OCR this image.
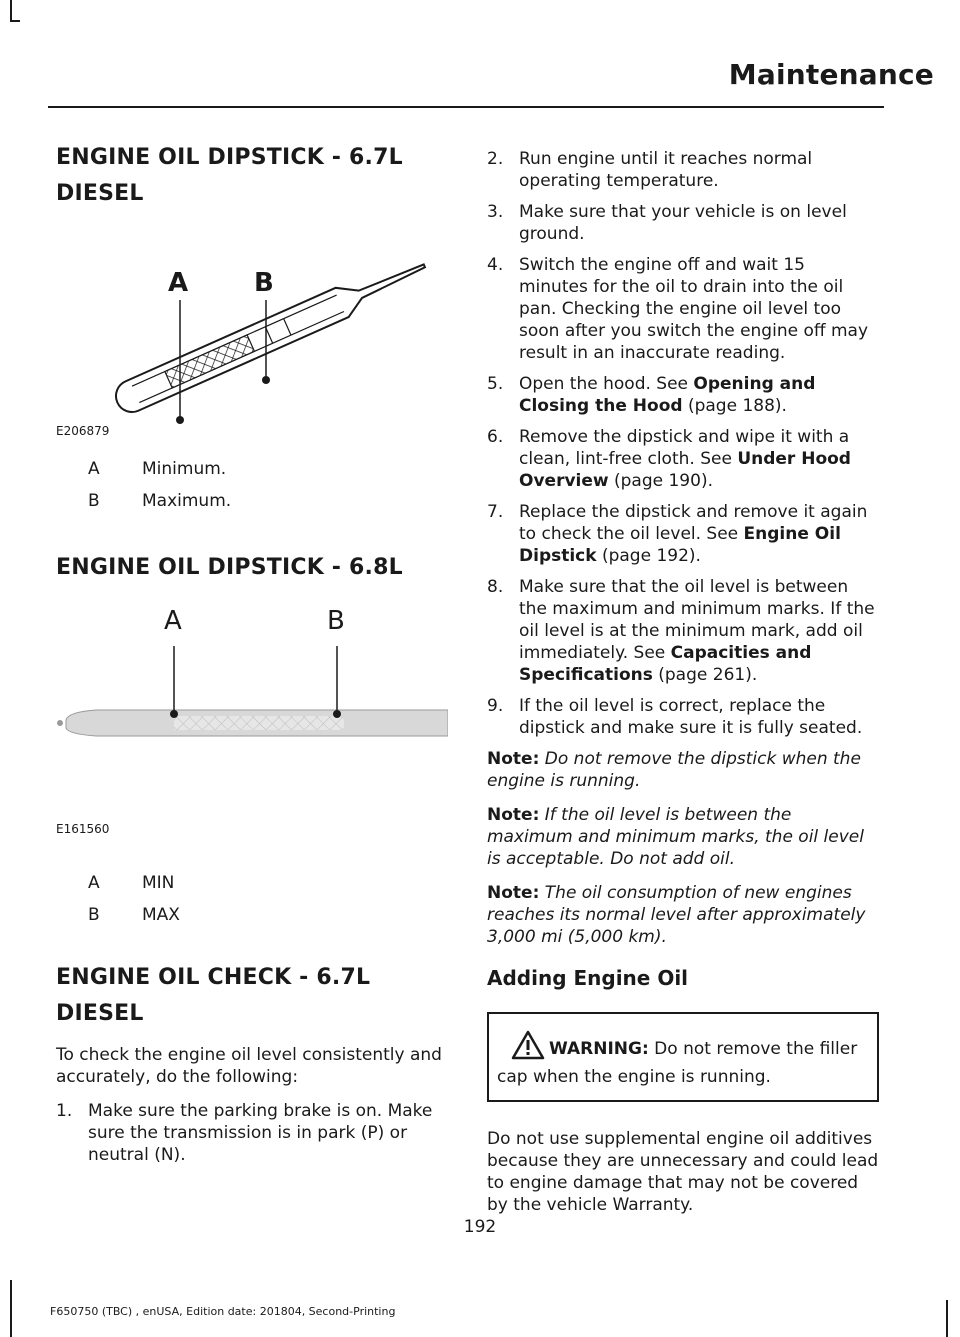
Maintenance
ENGINE OIL DIPSTICK - 6.7L
DIESEL
A	B
E206879
A	Minimum.
B	Maximum.
ENGINE OIL DIPSTICK - 6.8L
A	B
E161560
A	MIN
B	MAX
ENGINE OIL CHECK - 6.7L
DIESEL

To check the engine oil level consistently and accurately, do the following:

1. Make sure the parking brake is on. Make sure the transmission is in park (P) or neutral (N).
2. Run engine until it reaches normal operating temperature.
3. Make sure that your vehicle is on level ground.
4. Switch the engine off and wait 15 minutes for the oil to drain into the oil pan. Checking the engine oil level too soon after you switch the engine off may result in an inaccurate reading.
5. Open the hood. See Opening and Closing the Hood (page 188).
6. Remove the dipstick and wipe it with a clean, lint-free cloth. See Under Hood Overview (page 190).
7. Replace the dipstick and remove it again to check the oil level. See Engine Oil Dipstick (page 192).
8. Make sure that the oil level is between the maximum and minimum marks. If the oil level is at the minimum mark, add oil immediately. See Capacities and Specifications (page 261).
9. If the oil level is correct, replace the dipstick and make sure it is fully seated.
Note: Do not remove the dipstick when the engine is running.
Note: If the oil level is between the maximum and minimum marks, the oil level is acceptable. Do not add oil.
Note: The oil consumption of new engines reaches its normal level after approximately 3,000 mi (5,000 km).
Adding Engine Oil
WARNING: Do not remove the filler cap when the engine is running.

Do not use supplemental engine oil additives because they are unnecessary and could lead to engine damage that may not be covered by the vehicle Warranty.

192
F650750 (TBC) , enUSA, Edition date: 201804, Second-Printing
